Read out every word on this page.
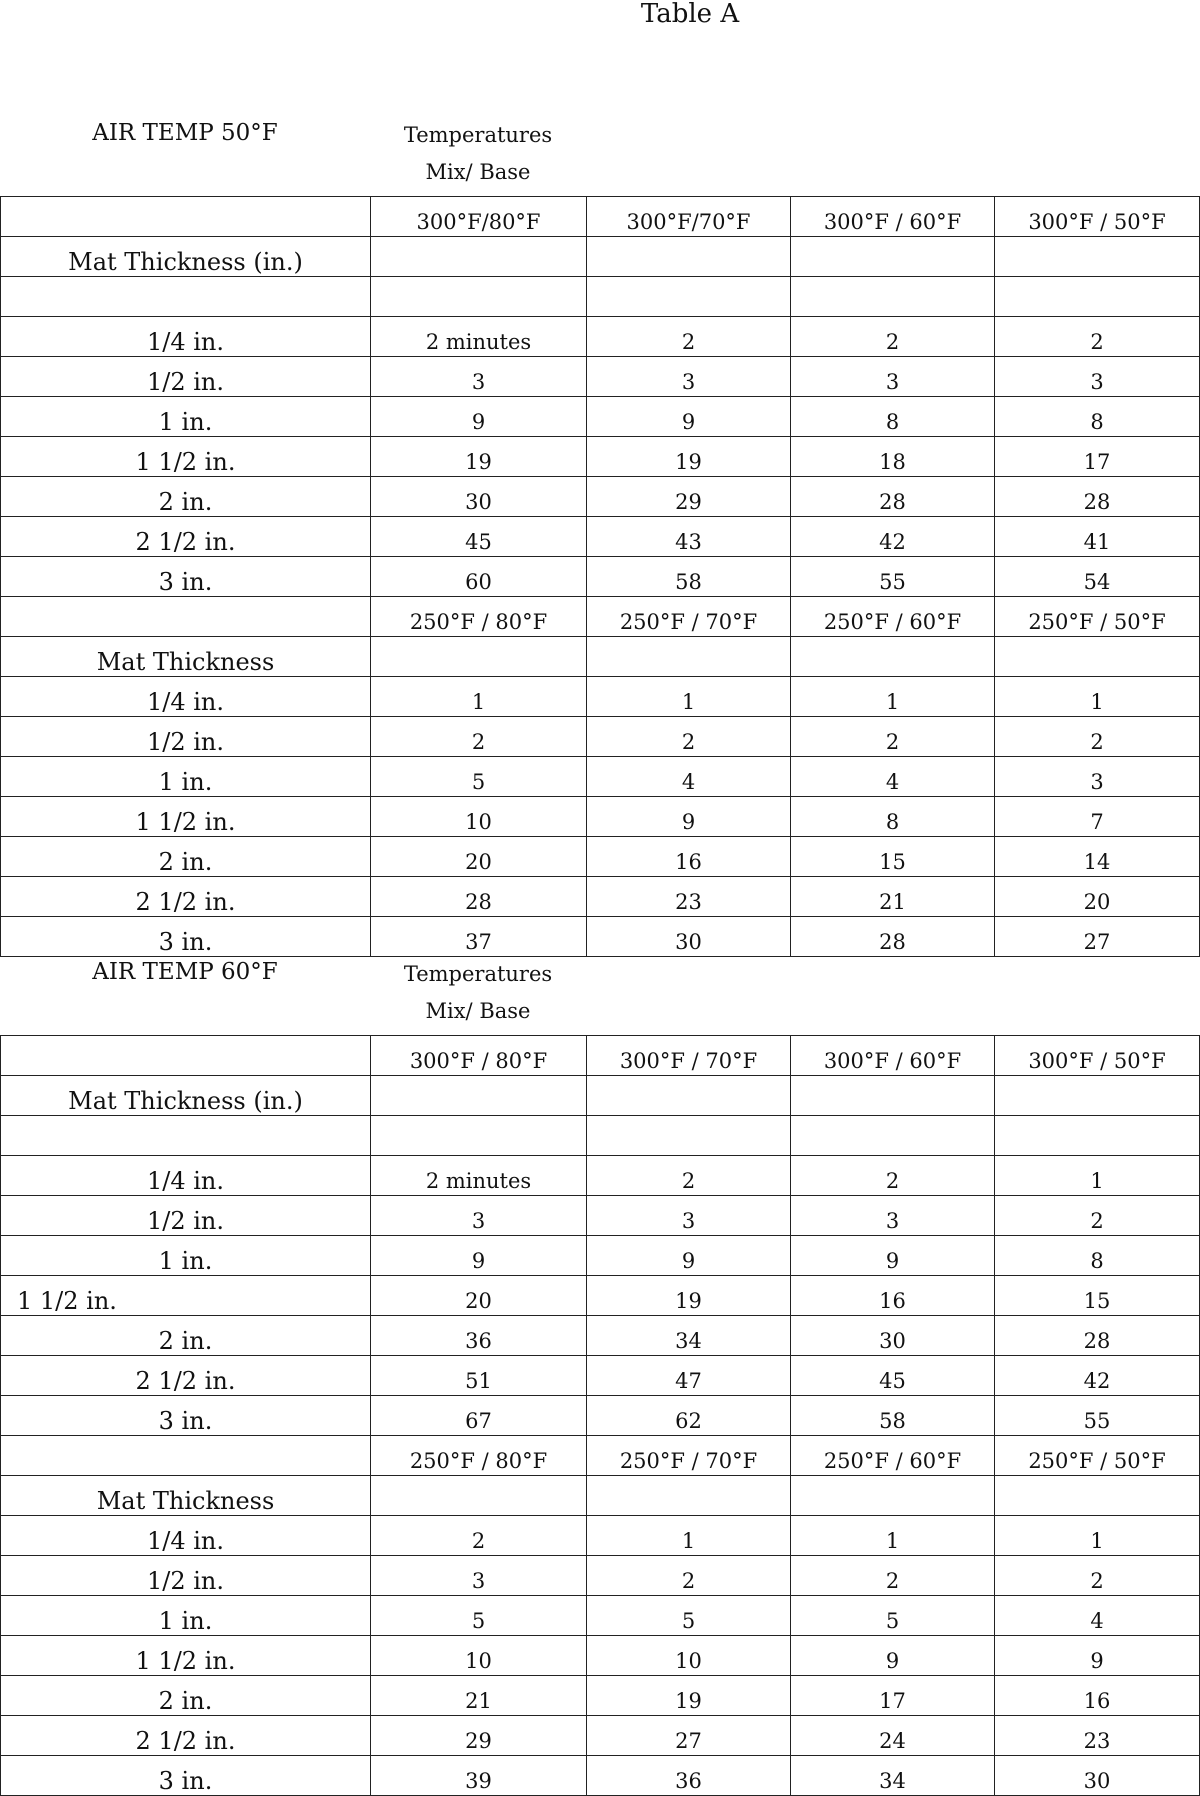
Table A
AIR TEMP 50°F	Temperatures
Mix/ Base
	300°F/80°F	300°F/70°F	300°F / 60°F	300°F / 50°F
Mat Thickness (in.)				

1/4 in.	2 minutes	2	2	2
1/2 in.	3	3	3	3
1 in.	9	9	8	8
1 1/2 in.	19	19	18	17
2 in.	30	29	28	28
2 1/2 in.	45	43	42	41
3 in.	60	58	55	54
	250°F / 80°F	250°F / 70°F	250°F / 60°F	250°F / 50°F
Mat Thickness				
1/4 in.	1	1	1	1
1/2 in.	2	2	2	2
1 in.	5	4	4	3
1 1/2 in.	10	9	8	7
2 in.	20	16	15	14
2 1/2 in.	28	23	21	20
3 in.	37	30	28	27
AIR TEMP 60°F	Temperatures
Mix/ Base
	300°F / 80°F	300°F / 70°F	300°F / 60°F	300°F / 50°F
Mat Thickness (in.)				

1/4 in.	2 minutes	2	2	1
1/2 in.	3	3	3	2
1 in.	9	9	9	8
1 1/2 in.	20	19	16	15
2 in.	36	34	30	28
2 1/2 in.	51	47	45	42
3 in.	67	62	58	55
	250°F / 80°F	250°F / 70°F	250°F / 60°F	250°F / 50°F
Mat Thickness				
1/4 in.	2	1	1	1
1/2 in.	3	2	2	2
1 in.	5	5	5	4
1 1/2 in.	10	10	9	9
2 in.	21	19	17	16
2 1/2 in.	29	27	24	23
3 in.	39	36	34	30
